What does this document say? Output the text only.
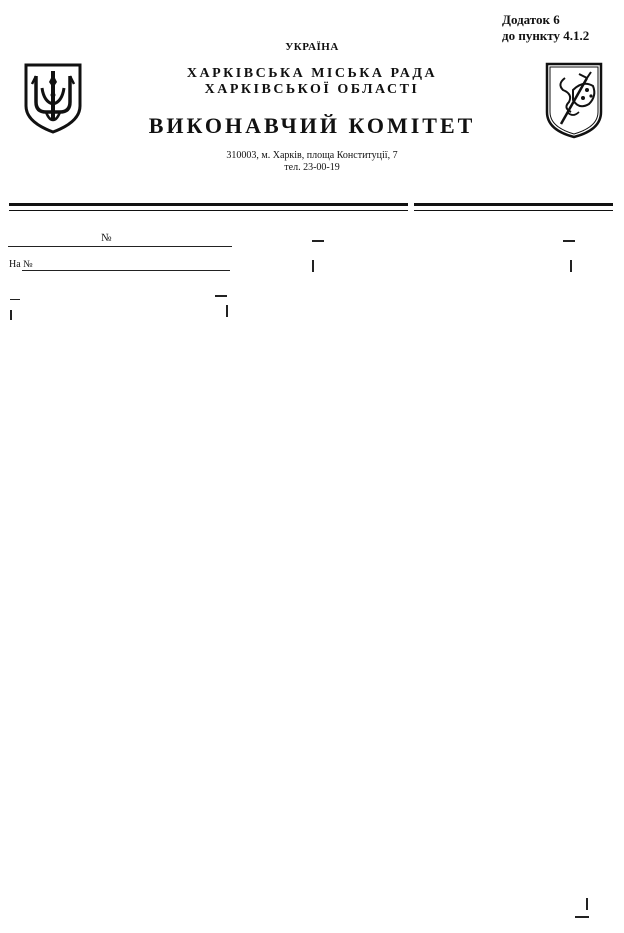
Додаток 6
до пункту 4.1.2
УКРАЇНА
ХАРКІВСЬКА МІСЬКА РАДА
ХАРКІВСЬКОЇ ОБЛАСТІ
ВИКОНАВЧИЙ КОМІТЕТ
310003, м. Харків, площа Конституції, 7
тел. 23-00-19
№
На №
